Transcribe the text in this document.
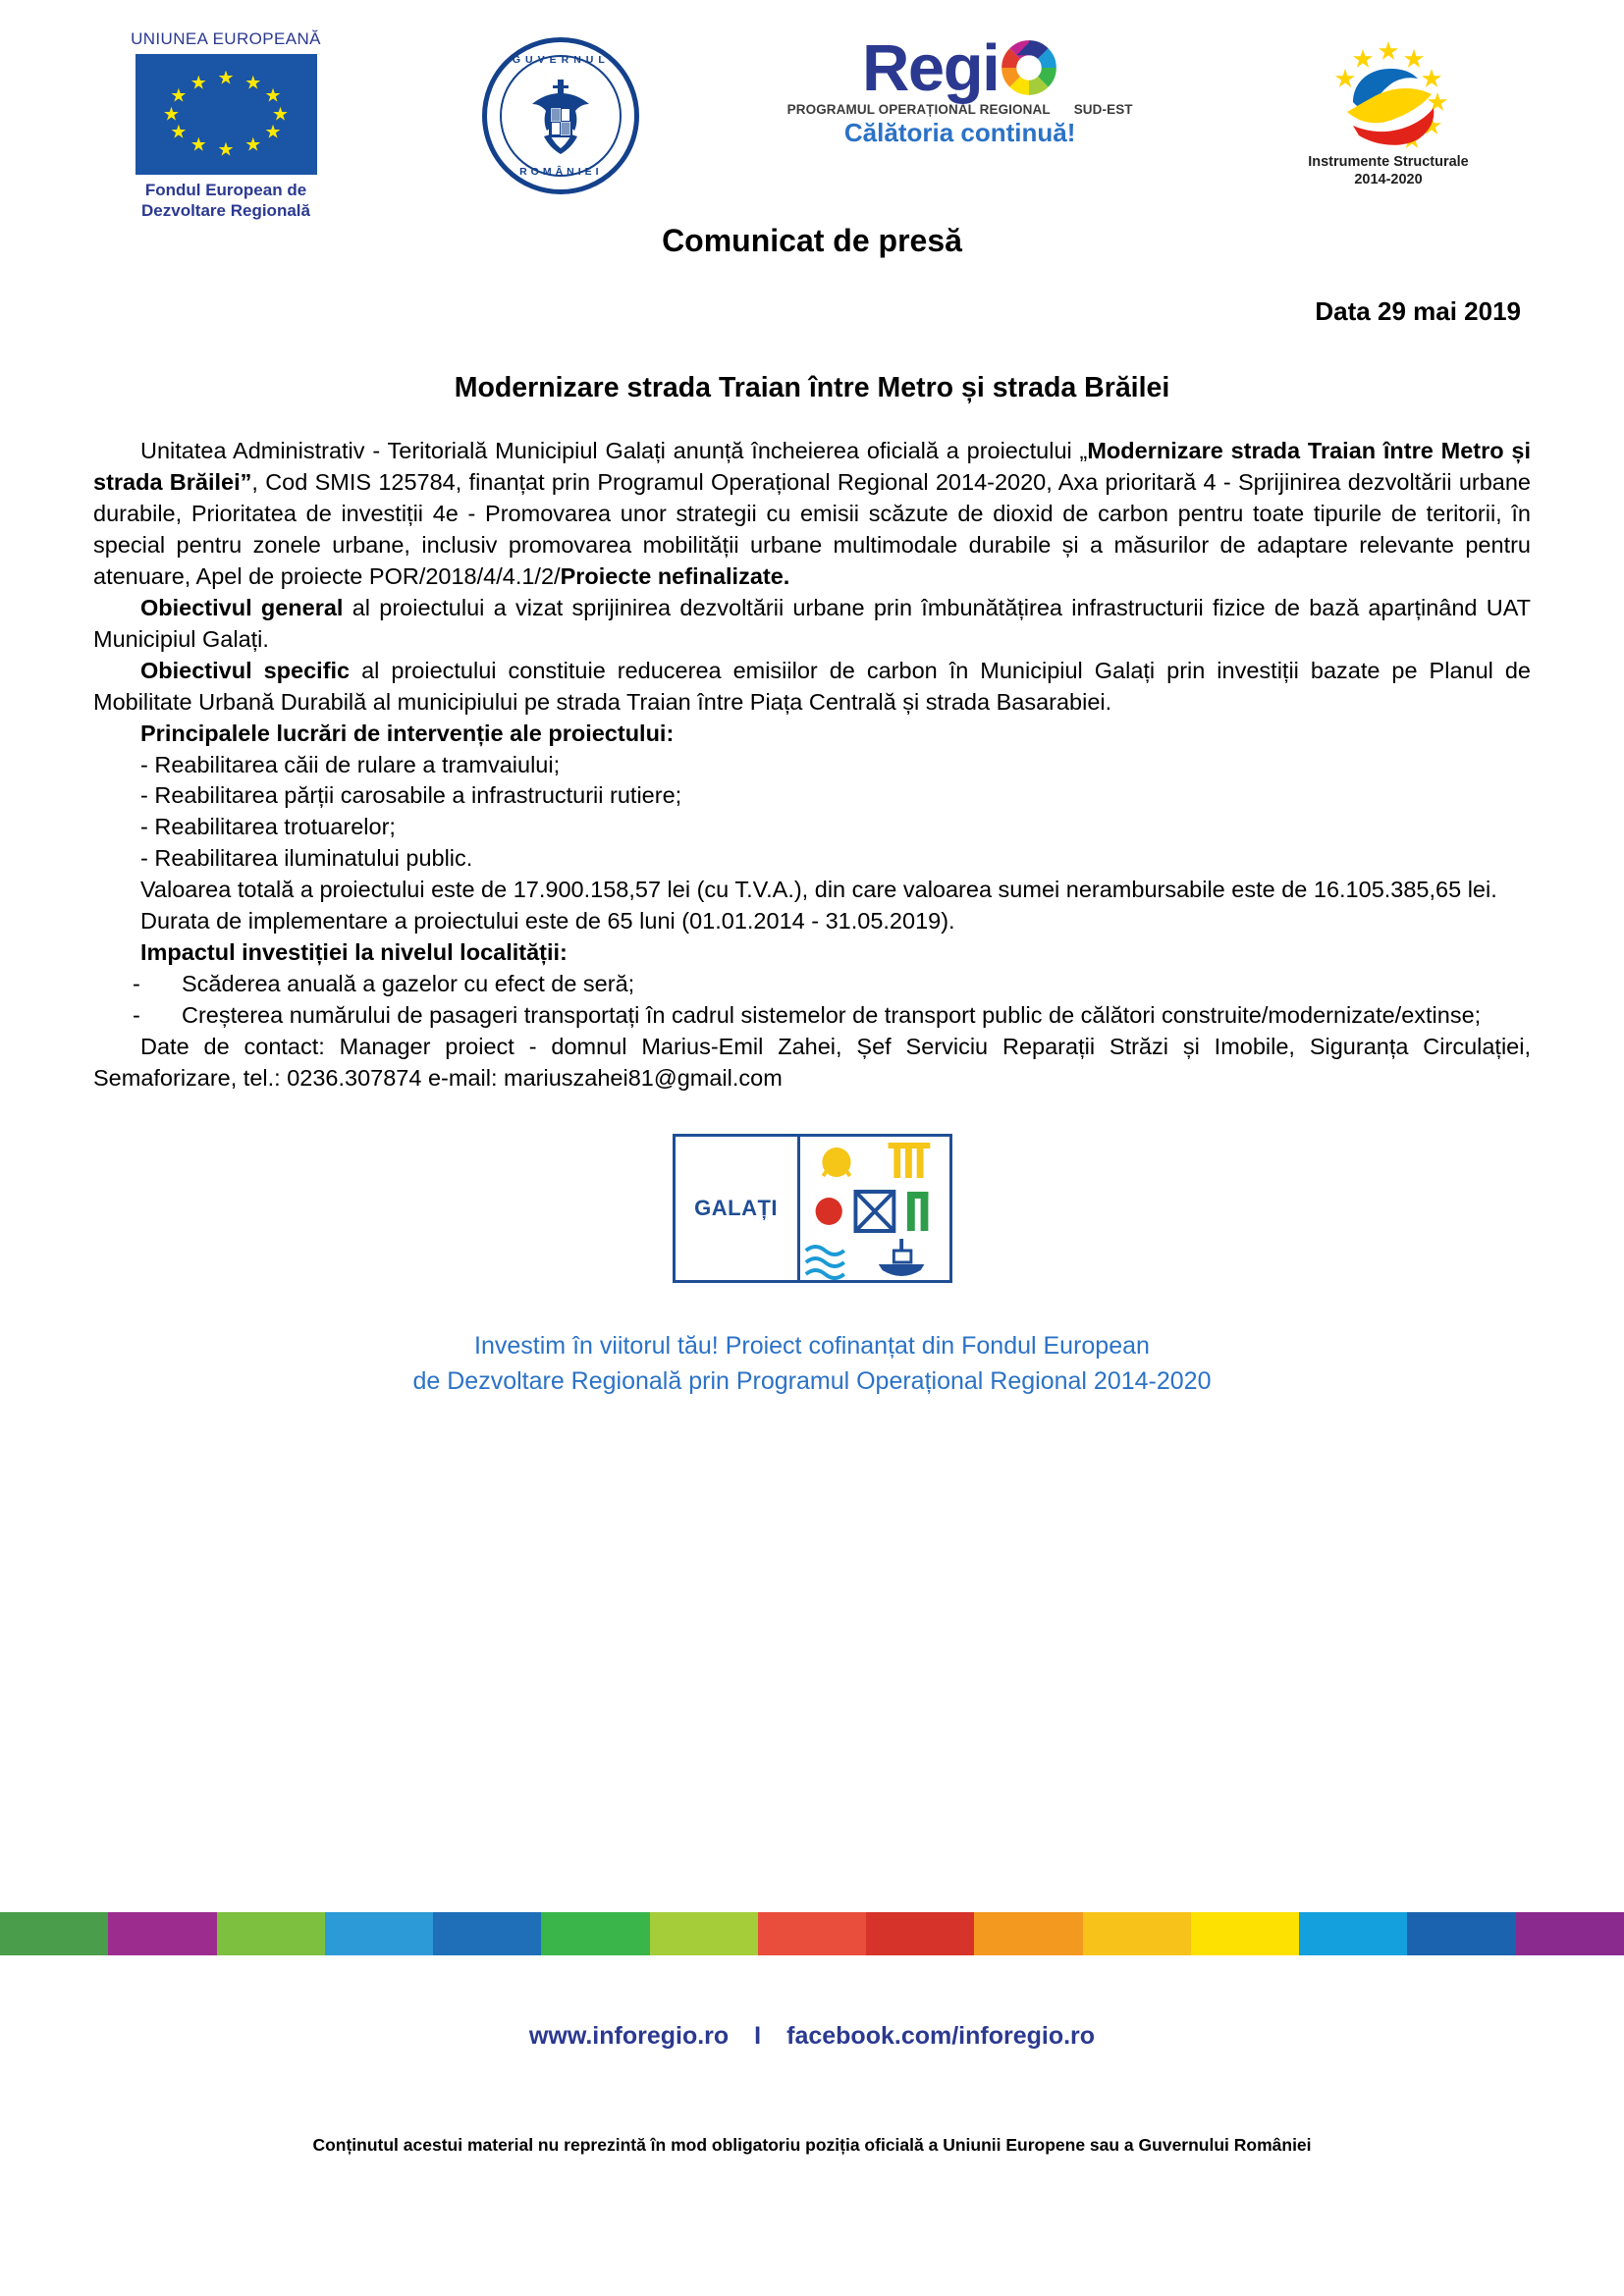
UNIUNEA EUROPEANĂ
★ ★
★
★
★
★
★
★
★
★
★
★
Fondul European de
Dezvoltare Regională
GUVERNUL
ROMÂNIEI
Regi
PROGRAMUL OPERAȚIONAL REGIONAL SUD-EST
Călătoria continuă!
Instrumente Structurale
2014-2020
Comunicat de presă
Data 29 mai 2019
Modernizare strada Traian între Metro și strada Brăilei

Unitatea Administrativ - Teritorială Municipiul Galați anunță încheierea oficială a proiectului „Modernizare strada Traian între Metro și strada Brăilei”, Cod SMIS 125784, finanțat prin Programul Operațional Regional 2014-2020, Axa prioritară 4 - Sprijinirea dezvoltării urbane durabile, Prioritatea de investiții 4e - Promovarea unor strategii cu emisii scăzute de dioxid de carbon pentru toate tipurile de teritorii, în special pentru zonele urbane, inclusiv promovarea mobilității urbane multimodale durabile și a măsurilor de adaptare relevante pentru atenuare, Apel de proiecte POR/2018/4/4.1/2/Proiecte nefinalizate.

Obiectivul general al proiectului a vizat sprijinirea dezvoltării urbane prin îmbunătățirea infrastructurii fizice de bază aparținând UAT Municipiul Galați.

Obiectivul specific al proiectului constituie reducerea emisiilor de carbon în Municipiul Galați prin investiții bazate pe Planul de Mobilitate Urbană Durabilă al municipiului pe strada Traian între Piața Centrală și strada Basarabiei.

Principalele lucrări de intervenție ale proiectului:

- Reabilitarea căii de rulare a tramvaiului;

- Reabilitarea părții carosabile a infrastructurii rutiere;

- Reabilitarea trotuarelor;

- Reabilitarea iluminatului public.

Valoarea totală a proiectului este de 17.900.158,57 lei (cu T.V.A.), din care valoarea sumei nerambursabile este de 16.105.385,65 lei.

Durata de implementare a proiectului este de 65 luni (01.01.2014 - 31.05.2019).

Impactul investiției la nivelul localității:

-	Scăderea anuală a gazelor cu efect de seră;

-	Creșterea numărului de pasageri transportați în cadrul sistemelor de transport public de călători construite/modernizate/extinse;

Date de contact: Manager proiect - domnul Marius-Emil Zahei, Șef Serviciu Reparații Străzi și Imobile, Siguranța Circulației, Semaforizare, tel.: 0236.307874 e-mail: mariuszahei81@gmail.com

GALAȚI
Investim în viitorul tău! Proiect cofinanțat din Fondul European
de Dezvoltare Regională prin Programul Operațional Regional 2014-2020
www.inforegio.ro I facebook.com/inforegio.ro
Conținutul acestui material nu reprezintă în mod obligatoriu poziția oficială a Uniunii Europene sau a Guvernului României
